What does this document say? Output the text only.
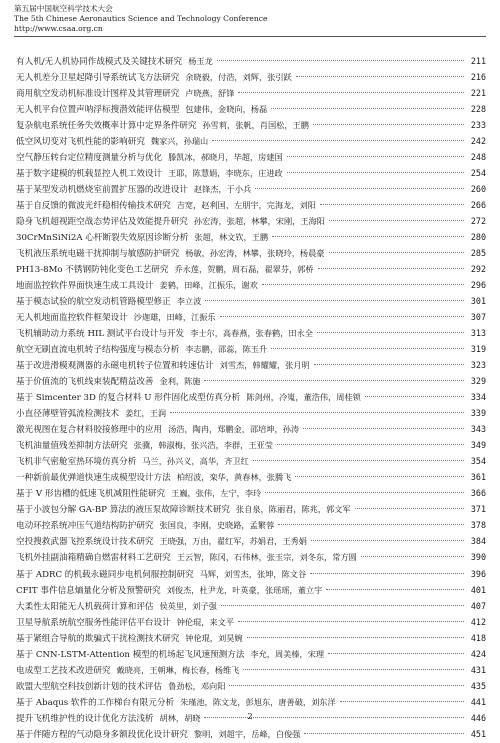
第五届中国航空科学技术大会
The 5th Chinese Aeronautics Science and Technology Conference
http://www.csaa.org.cn
有人机/无人机协同作战模式及关键技术研究 杨玉龙	211
无人机差分卫星起降引导系统试飞方法研究 余晓毅，付浩，刘辉，张引跃	216
商用航空发动机标准设计图样及其管理研究 卢晓燕，舒锋	221
无人机平台位置声呐浮标搜潜效能评估模型 包建伟，金晓向，杨磊	228
复杂航电系统任务失效概率计算中定界条件研究 孙雪莉，张帆，肖国松，王鹏	233
低空风切变对飞机性能的影响研究 魏家兴，孙瑞山	242
空气静压转台定位精度测量分析与优化 滕凯冰，郝晓月，毕超，房建国	248
基于数字建模的机载显控人机工效设计 王耶，陈慧娟，李晓东，庄进政	254
基于某型发动机燃烧室前置扩压器的改进设计 赵锋杰，于小兵	260
基于自反馈的微波光纤稳相传输技术研究 吉宽，赵利国，左朋宇，完海龙，刘阳	266
隐身飞机超视距空战态势评估及效能提升研究 孙宏涛，张超，林攀，宋刚，王海阳	272
30CrMnSiNi2A 心杆断裂失效原因诊断分析 张超，林文钦，王鹏	280
飞机液压系统电磁干扰抑制与敏感防护研究 杨敏，孙宏涛，林攀，张晓玲，杨晨豪	285
PH13-8Mo 不锈钢防钝化变色工艺研究 乔永莲，贺鹏，周石磊，翟翠芬，郭桥	292
地面监控软件界面快速生成工具设计 姜鹤，田峰，江振乐，谢欢	296
基于模态试验的航空发动机管路模型修正 李立波	301
无人机地面监控软件框架设计 沙迦雄，田峰，江振乐	307
飞机辅助动力系统 HIL 测试平台设计与开发 李士尔，高春燕，张春鹤，田永全	313
航空无刷直流电机转子结构强度与模态分析 李志鹏，邵蕊，陈玉升	319
基于改进滑模观测器的永磁电机转子位置和转速估计 刘雪杰，韩耀耀，张月明	323
基于价值流的飞机线束装配精益改善 金利，陈施	329
基于 Simcenter 3D 的复合材料 U 形件固化成型仿真分析 陈剑州，冷嵬，董浩伟，周桂锁	334
小直径薄壁管弧流检测技术 姜红，王润	339
激光视图在复合材料胶接修理中的应用 汤浩，陶冉，郑鹏金，邵培坤，孙涛	343
飞机油量值残差抑制方法研究 张骥，韩淑梅，张兴浩，李群，王亚莹	349
飞机非气密舱室热环境仿真分析 马兰，孙兴义，高华，齐卫红	354
一种新前最优弹道快速生成模型设计方法 柏绍波，栾华，黄春林，张腾飞	361
基于 V 形齿槽的低速飞机减阻性能研究 王巍，张伟，左宁，李玲	366
基于小波包分解 GA-BP 算法的液压泵故障诊断技术研究 张自泉，陈丽君，陈兆，郭文军	371
电动环控系统冲压气道结构防护研究 张国良，李刚，史晓路，孟繁蓉	378
空投搜救武器飞控系统设计技术研究 王晓强，万由，翟红军，苏娟君，王秀娟	384
飞机外挂副油箱精确自燃雷材料工艺研究 王云智，陈冈，石伟林，张玉宗，刘冬东，常方圆	390
基于 ADRC 的机载永磁同步电机伺服控制研究 马辉，刘雪杰，张坤，陈文谷	396
CFIT 事件信息熵量化分析及预警研究 刘俊杰，杜尹龙，叶英豪，张瑶瑶，董立宇	401
大柔性太阳能无人机载荷计算和评估 侯英里，刘子强	407
卫星导航系统航空服务性能评估平台设计 钟伦琨，来文平	412
基于紧组合导航的欺骗式干扰检测技术研究 钟伦琨，刘昊婉	418
基于 CNN-LSTM-Attention 模型的机场起飞风速预测方法 李允，周美榛，宋理	424
电成型工艺技术改进研究 戴晓亮，王朝琳，梅长春，杨维飞	431
欧盟大型航空科技创新计划的技术评估 鲁劲松，邓向阳	435
基于 Abaqus 软件的工作梯台有限元分析 朱瑾池，陈文龙，彭旭东，唐善破，刘东洋	441
提升飞机维护性的设计优化方法浅析 胡林，胡晓	446
基于伴随方程的气动隐身多额段优化设计研究 黎明，刘超宇，岳峰，白俊强	451
2
